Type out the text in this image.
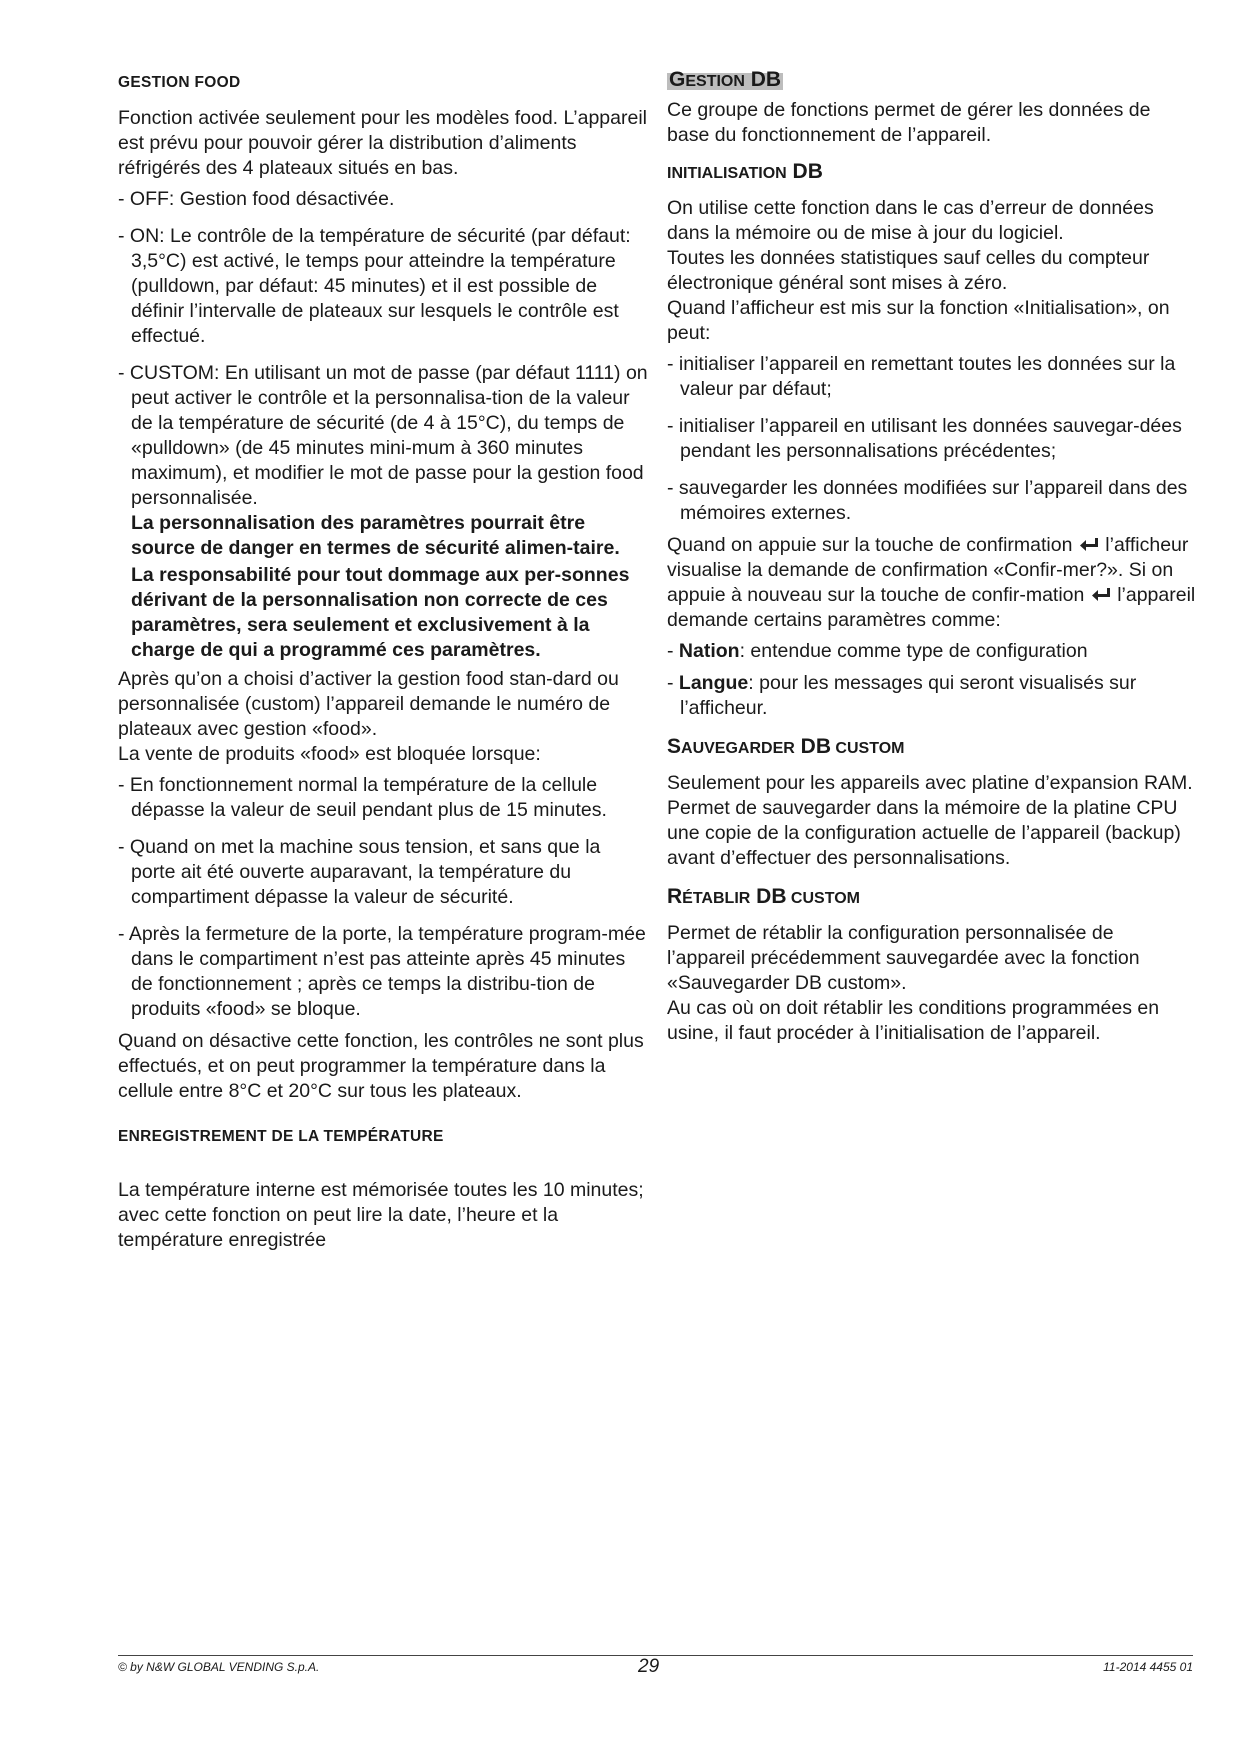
GESTION FOOD

Fonction activée seulement pour les modèles food. L’appareil est prévu pour pouvoir gérer la distribution d’aliments réfrigérés des 4 plateaux situés en bas.

- OFF: Gestion food désactivée.

- ON: Le contrôle de la température de sécurité (par défaut: 3,5°C) est activé, le temps pour atteindre la température (pulldown, par défaut: 45 minutes) et il est possible de définir l’intervalle de plateaux sur lesquels le contrôle est effectué.

- CUSTOM: En utilisant un mot de passe (par défaut 1111) on peut activer le contrôle et la personnalisa-tion de la valeur de la température de sécurité (de 4 à 15°C), du temps de «pulldown» (de 45 minutes mini-mum à 360 minutes maximum), et modifier le mot de passe pour la gestion food personnalisée.

La personnalisation des paramètres pourrait être source de danger en termes de sécurité alimen-taire.

La responsabilité pour tout dommage aux per-sonnes dérivant de la personnalisation non correcte de ces paramètres, sera seulement et exclusivement à la charge de qui a programmé ces paramètres.

Après qu’on a choisi d’activer la gestion food stan-dard ou personnalisée (custom) l’appareil demande le numéro de plateaux avec gestion «food».

La vente de produits «food» est bloquée lorsque:

- En fonctionnement normal la température de la cellule dépasse la valeur de seuil pendant plus de 15 minutes.

- Quand on met la machine sous tension, et sans que la porte ait été ouverte auparavant, la température du compartiment dépasse la valeur de sécurité.

- Après la fermeture de la porte, la température program-mée dans le compartiment n’est pas atteinte après 45 minutes de fonctionnement ; après ce temps la distribu-tion de produits «food» se bloque.

Quand on désactive cette fonction, les contrôles ne sont plus effectués, et on peut programmer la température dans la cellule entre 8°C et 20°C sur tous les plateaux.

ENREGISTREMENT DE LA TEMPÉRATURE

La température interne est mémorisée toutes les 10 minutes; avec cette fonction on peut lire la date, l’heure et la température enregistrée

GESTION DB

Ce groupe de fonctions permet de gérer les données de base du fonctionnement de l’appareil.

INITIALISATION DB

On utilise cette fonction dans le cas d’erreur de données dans la mémoire ou de mise à jour du logiciel.

Toutes les données statistiques sauf celles du compteur électronique général sont mises à zéro.

Quand l’afficheur est mis sur la fonction «Initialisation», on peut:

- initialiser l’appareil en remettant toutes les données sur la valeur par défaut;

- initialiser l’appareil en utilisant les données sauvegar-dées pendant les personnalisations précédentes;

- sauvegarder les données modifiées sur l’appareil dans des mémoires externes.

Quand on appuie sur la touche de confirmation l’afficheur visualise la demande de confirmation «Confir-mer?». Si on appuie à nouveau sur la touche de confir-mation  l’appareil demande certains paramètres comme:

- Nation: entendue comme type de configuration

- Langue: pour les messages qui seront visualisés sur l’afficheur.

SAUVEGARDER DB CUSTOM

Seulement pour les appareils avec platine d’expansion RAM.

Permet de sauvegarder dans la mémoire de la platine CPU une copie de la configuration actuelle de l’appareil (backup) avant d’effectuer des personnalisations.

RÉTABLIR DB CUSTOM

Permet de rétablir la configuration personnalisée de l’appareil précédemment sauvegardée avec la fonction «Sauvegarder DB custom».

Au cas où on doit rétablir les conditions programmées en usine, il faut procéder à l’initialisation de l’appareil.

© by N&W GLOBAL VENDING S.p.A.	29	11-2014 4455 01
